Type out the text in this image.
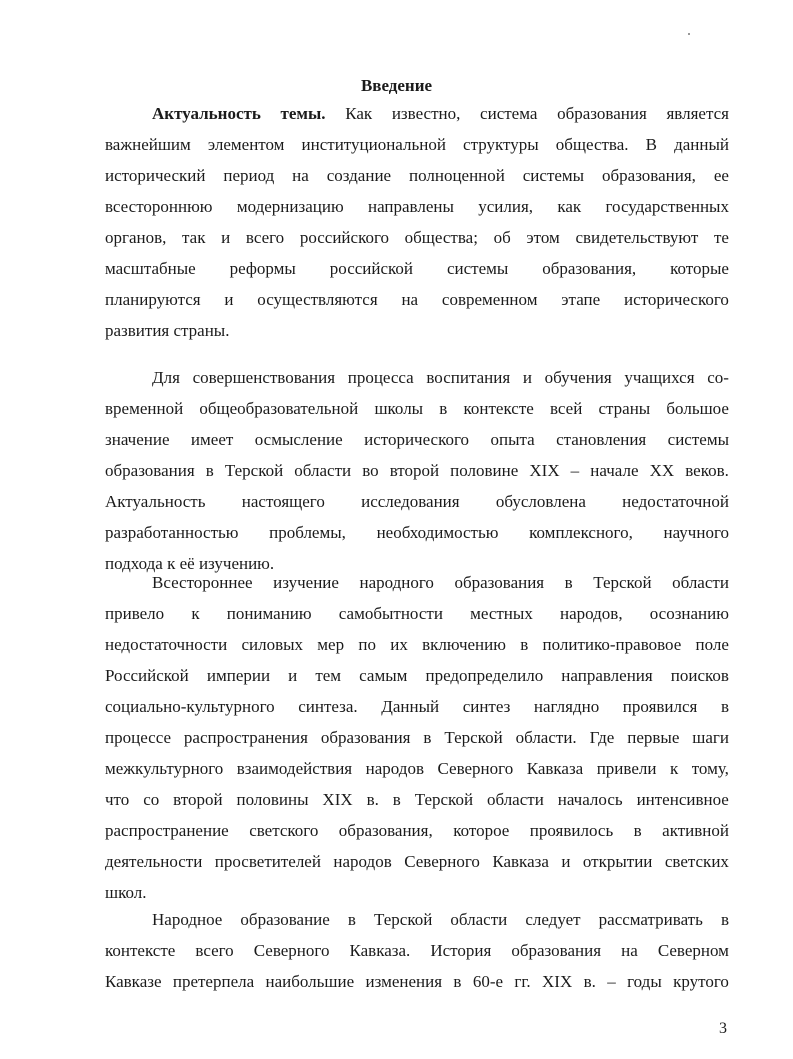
Введение
Актуальность темы. Как известно, система образования является
важнейшим элементом институциональной структуры общества. В данный
исторический период на создание полноценной системы образования, ее
всестороннюю модернизацию направлены усилия, как государственных
органов, так и всего российского общества; об этом свидетельствуют те
масштабные реформы российской системы образования, которые
планируются и осуществляются на современном этапе исторического
развития страны.
Для совершенствования процесса воспитания и обучения учащихся со-
временной общеобразовательной школы в контексте всей страны большое
значение имеет осмысление исторического опыта становления системы
образования в Терской области во второй половине XIX – начале XX веков.
Актуальность настоящего исследования обусловлена недостаточной
разработанностью проблемы, необходимостью комплексного, научного
подхода к её изучению.
Всестороннее изучение народного образования в Терской области
привело к пониманию самобытности местных народов, осознанию
недостаточности силовых мер по их включению в политико-правовое поле
Российской империи и тем самым предопределило направления поисков
социально-культурного синтеза. Данный синтез наглядно проявился в
процессе распространения образования в Терской области. Где первые шаги
межкультурного взаимодействия народов Северного Кавказа привели к тому,
что со второй половины XIX в. в Терской области началось интенсивное
распространение светского образования, которое проявилось в активной
деятельности просветителей народов Северного Кавказа и открытии светских
школ.
Народное образование в Терской области следует рассматривать в
контексте всего Северного Кавказа. История образования на Северном
Кавказе претерпела наибольшие изменения в 60-е гг. XIX в. – годы крутого
3
